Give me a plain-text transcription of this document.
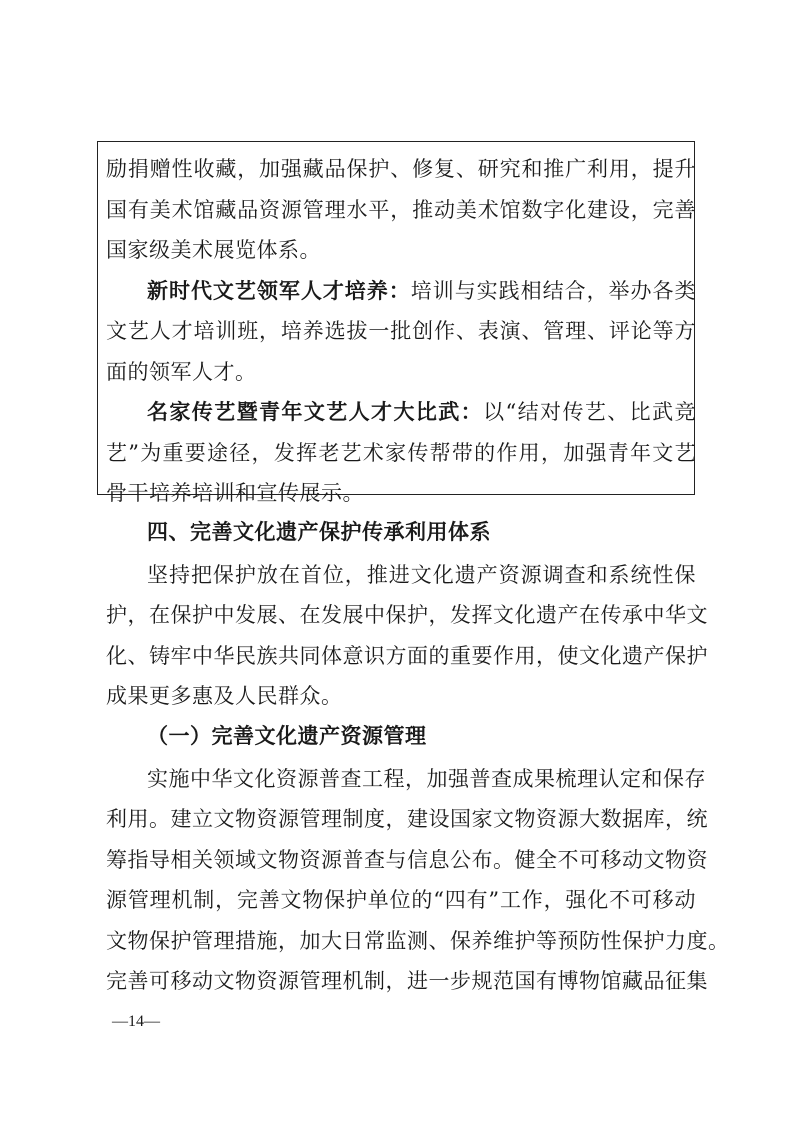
励捐赠性收藏，加强藏品保护、修复、研究和推广利用，提升
国有美术馆藏品资源管理水平，推动美术馆数字化建设，完善
国家级美术展览体系。
新时代文艺领军人才培养：培训与实践相结合，举办各类
文艺人才培训班，培养选拔一批创作、表演、管理、评论等方
面的领军人才。
名家传艺暨青年文艺人才大比武：以“结对传艺、比武竞
艺”为重要途径，发挥老艺术家传帮带的作用，加强青年文艺
骨干培养培训和宣传展示。
四、完善文化遗产保护传承利用体系
坚持把保护放在首位，推进文化遗产资源调查和系统性保
护，在保护中发展、在发展中保护，发挥文化遗产在传承中华文
化、铸牢中华民族共同体意识方面的重要作用，使文化遗产保护
成果更多惠及人民群众。
（一）完善文化遗产资源管理
实施中华文化资源普查工程，加强普查成果梳理认定和保存
利用。建立文物资源管理制度，建设国家文物资源大数据库，统
筹指导相关领域文物资源普查与信息公布。健全不可移动文物资
源管理机制，完善文物保护单位的“四有”工作，强化不可移动
文物保护管理措施，加大日常监测、保养维护等预防性保护力度。
完善可移动文物资源管理机制，进一步规范国有博物馆藏品征集
—14—
